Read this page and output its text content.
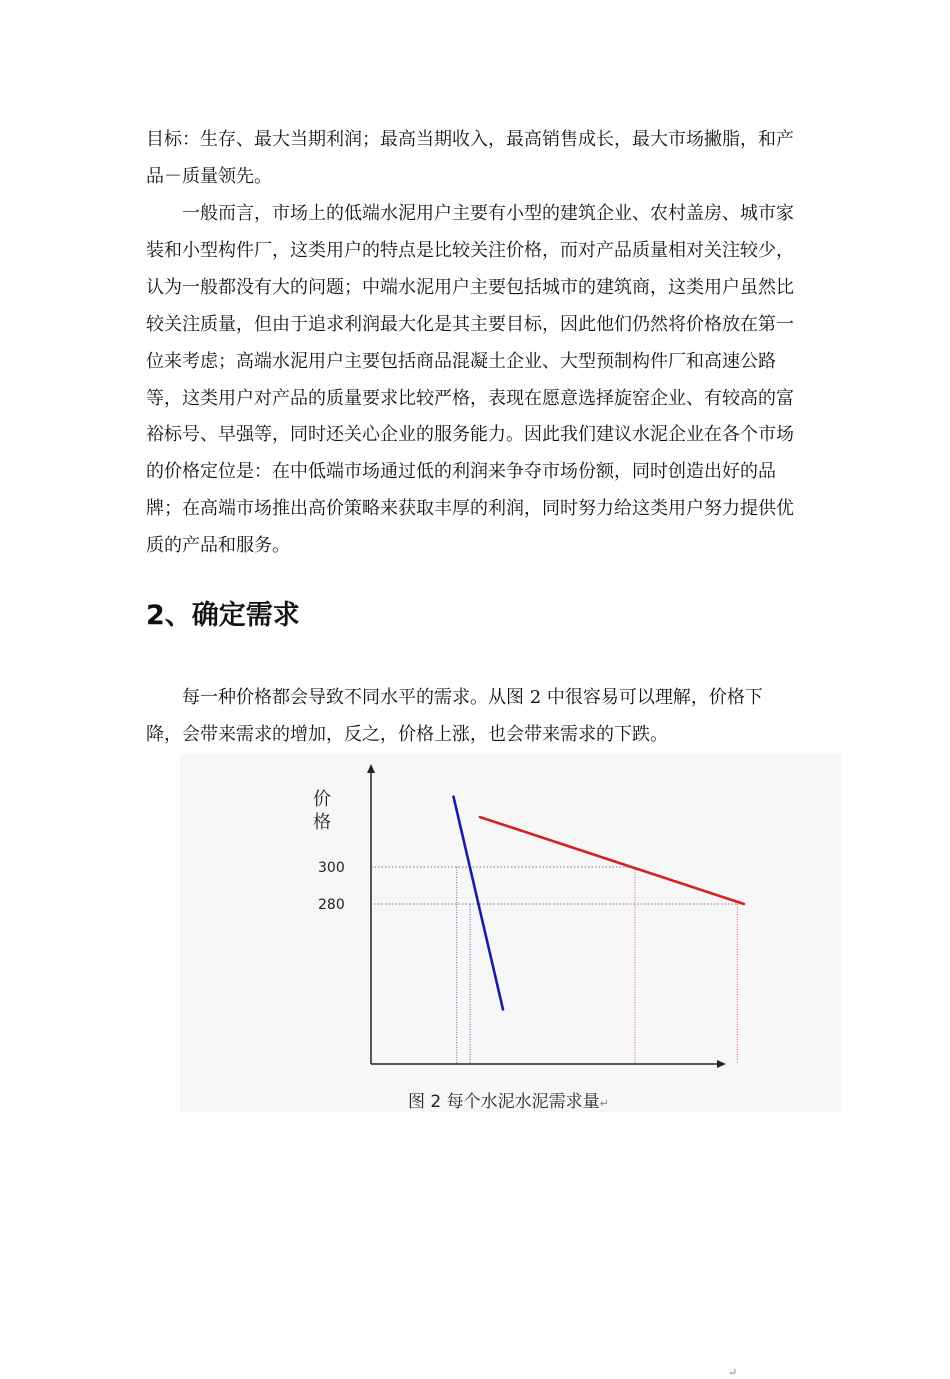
目标：生存、最大当期利润；最高当期收入，最高销售成长，最大市场撇脂，和产品－质量领先。

一般而言，市场上的低端水泥用户主要有小型的建筑企业、农村盖房、城市家装和小型构件厂，这类用户的特点是比较关注价格，而对产品质量相对关注较少，认为一般都没有大的问题；中端水泥用户主要包括城市的建筑商，这类用户虽然比较关注质量，但由于追求利润最大化是其主要目标，因此他们仍然将价格放在第一位来考虑；高端水泥用户主要包括商品混凝土企业、大型预制构件厂和高速公路等，这类用户对产品的质量要求比较严格，表现在愿意选择旋窑企业、有较高的富裕标号、早强等，同时还关心企业的服务能力。因此我们建议水泥企业在各个市场的价格定位是：在中低端市场通过低的利润来争夺市场份额，同时创造出好的品牌；在高端市场推出高价策略来获取丰厚的利润，同时努力给这类用户努力提供优质的产品和服务。

2、确定需求

每一种价格都会导致不同水平的需求。从图 2 中很容易可以理解，价格下降，会带来需求的增加，反之，价格上涨，也会带来需求的下跌。

价
格
300
280
↵
图 2 每个水泥水泥需求量↵
